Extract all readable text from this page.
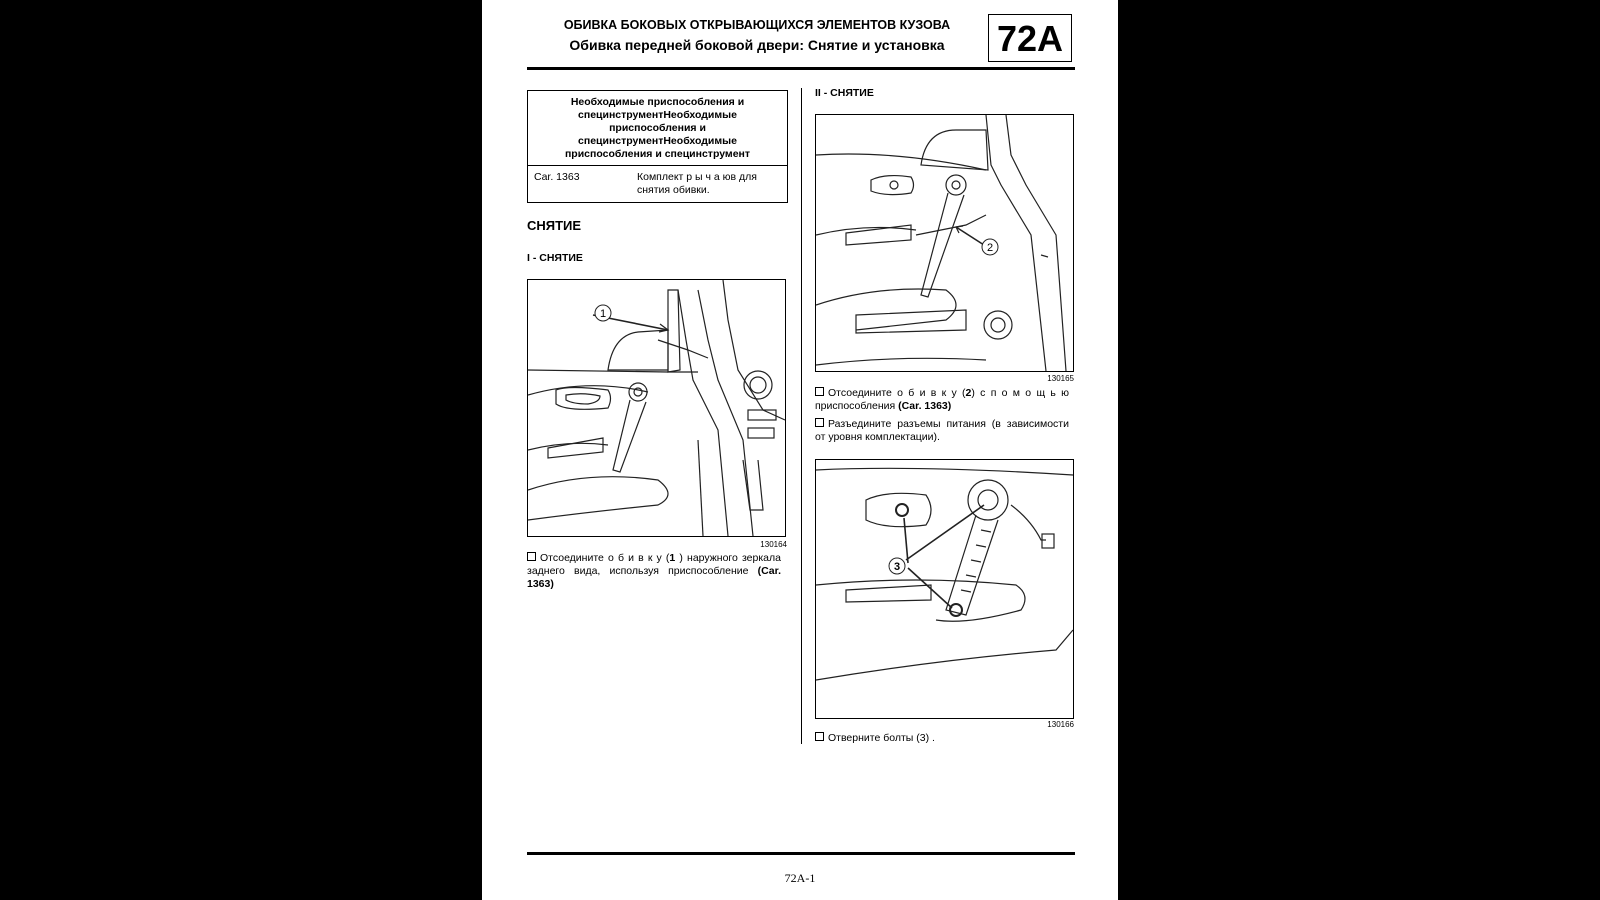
ОБИВКА БОКОВЫХ ОТКРЫВАЮЩИХСЯ ЭЛЕМЕНТОВ КУЗОВА
Обивка передней боковой двери: Снятие и установка	72A
Необходимые приспособления и специнструментНеобходимые приспособления и специнструментНеобходимые приспособления и специнструмент
Car. 1363	Комплект р ы ч а юв для снятия обивки.
СНЯТИЕ
I - СНЯТИЕ
1
130164
Отсоедините о б и в к у (1 ) наружного зеркала заднего вида, используя приспособление (Car. 1363)
II - СНЯТИЕ
2
130165
Отсоедините о б и в к у (2) с п о м о щ ь ю приспособления (Car. 1363)
Разъедините разъемы питания (в зависимости от уровня комплектации).
3
130166
Отверните болты (3) .
72A-1
